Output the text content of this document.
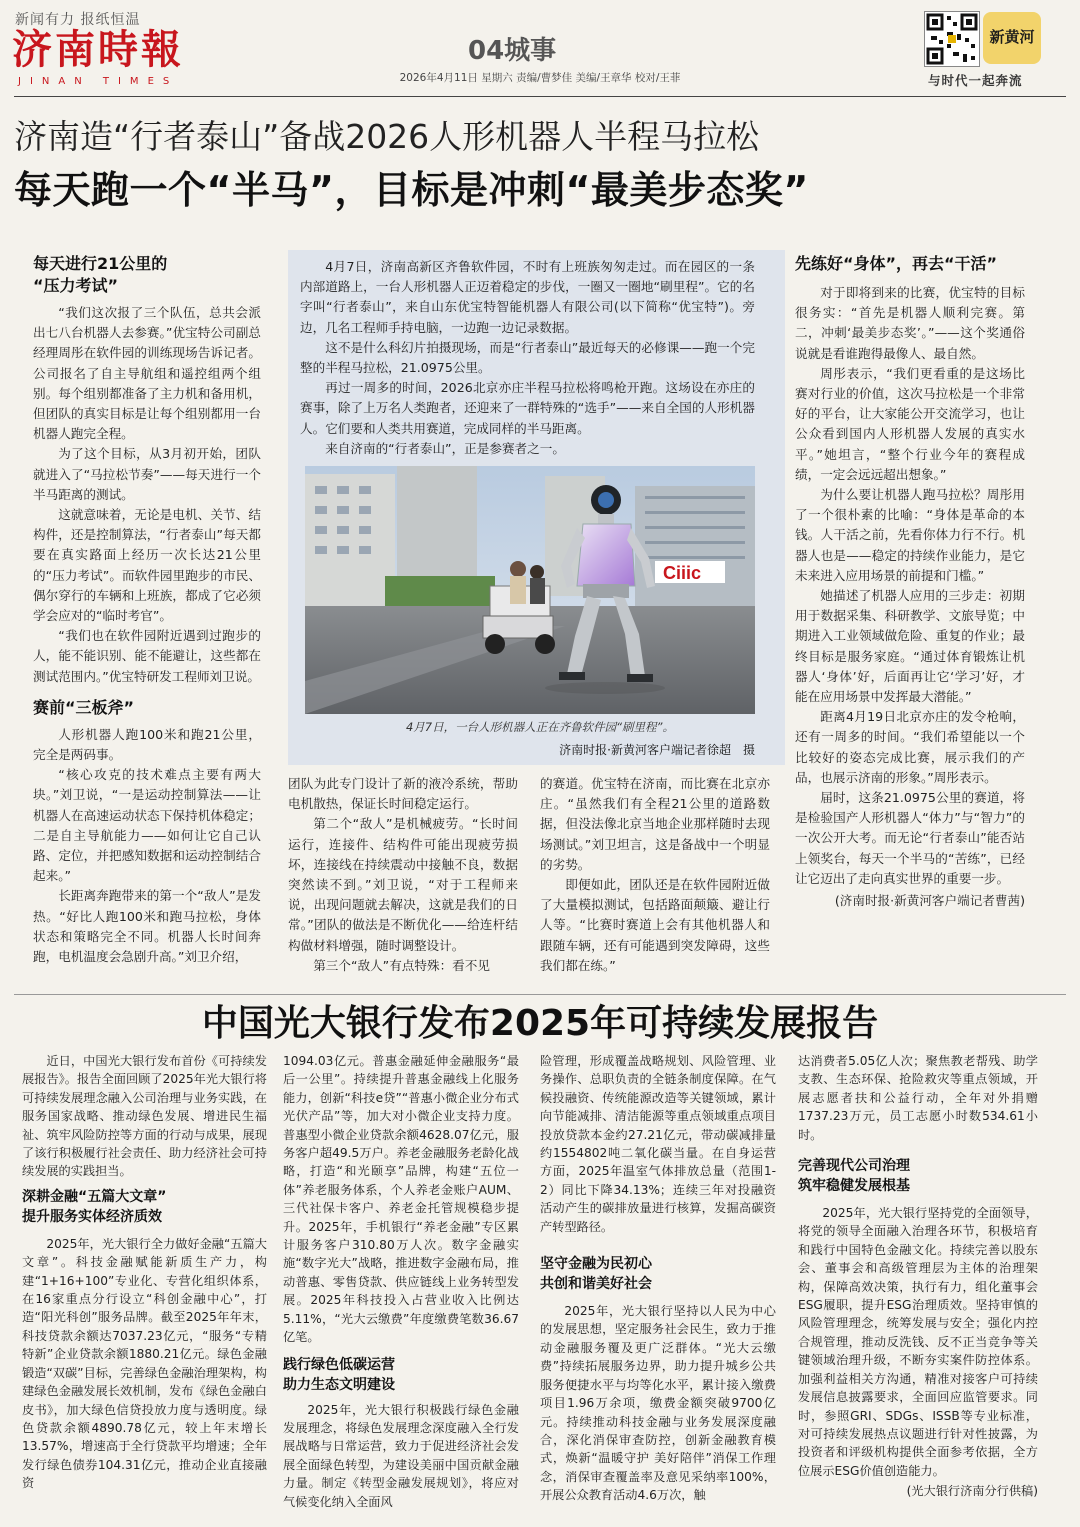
新闻有力 报纸恒温
济南時報
JINAN TIMES
04城事
2026年4月11日 星期六 责编/曹梦佳 美编/王章华 校对/王菲
新黄河
与时代一起奔流
济南造“行者泰山”备战2026人形机器人半程马拉松
每天跑一个“半马”，目标是冲刺“最美步态奖”
每天进行21公里的
“压力考试”

“我们这次报了三个队伍，总共会派出七八台机器人去参赛。”优宝特公司副总经理周彤在软件园的训练现场告诉记者。公司报名了自主导航组和遥控组两个组别。每个组别都准备了主力机和备用机，但团队的真实目标是让每个组别都用一台机器人跑完全程。

为了这个目标，从3月初开始，团队就进入了“马拉松节奏”——每天进行一个半马距离的测试。

这就意味着，无论是电机、关节、结构件，还是控制算法，“行者泰山”每天都要在真实路面上经历一次长达21公里的“压力考试”。而软件园里跑步的市民、偶尔穿行的车辆和上班族，都成了它必须学会应对的“临时考官”。

“我们也在软件园附近遇到过跑步的人，能不能识别、能不能避让，这些都在测试范围内。”优宝特研发工程师刘卫说。

赛前“三板斧”

人形机器人跑100米和跑21公里，完全是两码事。

“核心攻克的技术难点主要有两大块。”刘卫说，“一是运动控制算法——让机器人在高速运动状态下保持机体稳定；二是自主导航能力——如何让它自己认路、定位，并把感知数据和运动控制结合起来。”

长距离奔跑带来的第一个“敌人”是发热。“好比人跑100米和跑马拉松，身体状态和策略完全不同。机器人长时间奔跑，电机温度会急剧升高。”刘卫介绍，

4月7日，济南高新区齐鲁软件园，不时有上班族匆匆走过。而在园区的一条内部道路上，一台人形机器人正迈着稳定的步伐，一圈又一圈地“刷里程”。它的名字叫“行者泰山”，来自山东优宝特智能机器人有限公司(以下简称“优宝特”)。旁边，几名工程师手持电脑，一边跑一边记录数据。

这不是什么科幻片拍摄现场，而是“行者泰山”最近每天的必修课——跑一个完整的半程马拉松，21.0975公里。

再过一周多的时间，2026北京亦庄半程马拉松将鸣枪开跑。这场设在亦庄的赛事，除了上万名人类跑者，还迎来了一群特殊的“选手”——来自全国的人形机器人。它们要和人类共用赛道，完成同样的半马距离。

来自济南的“行者泰山”，正是参赛者之一。

Ciiic
4月7日，一台人形机器人正在齐鲁软件园“刷里程”。
济南时报·新黄河客户端记者徐超　摄

团队为此专门设计了新的液冷系统，帮助电机散热，保证长时间稳定运行。

第二个“敌人”是机械疲劳。“长时间运行，连接件、结构件可能出现疲劳损坏，连接线在持续震动中接触不良，数据突然读不到。”刘卫说，“对于工程师来说，出现问题就去解决，这就是我们的日常。”团队的做法是不断优化——给连杆结构做材料增强，随时调整设计。

第三个“敌人”有点特殊：看不见

的赛道。优宝特在济南，而比赛在北京亦庄。“虽然我们有全程21公里的道路数据，但没法像北京当地企业那样随时去现场测试。”刘卫坦言，这是备战中一个明显的劣势。

即便如此，团队还是在软件园附近做了大量模拟测试，包括路面颠簸、避让行人等。“比赛时赛道上会有其他机器人和跟随车辆，还有可能遇到突发障碍，这些我们都在练。”

先练好“身体”，再去“干活”

对于即将到来的比赛，优宝特的目标很务实：“首先是机器人顺利完赛。第二，冲刺‘最美步态奖’。”——这个奖通俗说就是看谁跑得最像人、最自然。

周彤表示，“我们更看重的是这场比赛对行业的价值，这次马拉松是一个非常好的平台，让大家能公开交流学习，也让公众看到国内人形机器人发展的真实水平。”她坦言，“整个行业今年的赛程成绩，一定会远远超出想象。”

为什么要让机器人跑马拉松？周彤用了一个很朴素的比喻：“身体是革命的本钱。人干活之前，先看你体力行不行。机器人也是——稳定的持续作业能力，是它未来进入应用场景的前提和门槛。”

她描述了机器人应用的三步走：初期用于数据采集、科研教学、文旅导览；中期进入工业领域做危险、重复的作业；最终目标是服务家庭。“通过体育锻炼让机器人‘身体’好，后面再让它‘学习’好，才能在应用场景中发挥最大潜能。”

距离4月19日北京亦庄的发令枪响，还有一周多的时间。“我们希望能以一个比较好的姿态完成比赛，展示我们的产品，也展示济南的形象。”周彤表示。

届时，这条21.0975公里的赛道，将是检验国产人形机器人“体力”与“智力”的一次公开大考。而无论“行者泰山”能否站上领奖台，每天一个半马的“苦练”，已经让它迈出了走向真实世界的重要一步。

(济南时报·新黄河客户端记者曹茜)
中国光大银行发布2025年可持续发展报告

近日，中国光大银行发布首份《可持续发展报告》。报告全面回顾了2025年光大银行将可持续发展理念融入公司治理与业务实践，在服务国家战略、推动绿色发展、增进民生福祉、筑牢风险防控等方面的行动与成果，展现了该行积极履行社会责任、助力经济社会可持续发展的实践担当。

深耕金融“五篇大文章”
提升服务实体经济质效

2025年，光大银行全力做好金融“五篇大文章”。科技金融赋能新质生产力，构建“1+16+100”专业化、专营化组织体系，在16家重点分行设立“科创金融中心”，打造“阳光科创”服务品牌。截至2025年年末，科技贷款余额达7037.23亿元，“服务“专精特新”企业贷款余额1880.21亿元。绿色金融锻造“双碳”目标，完善绿色金融治理架构，构建绿色金融发展长效机制，发布《绿色金融白皮书》，加大绿色信贷投放力度与透明度。绿色贷款余额4890.78亿元，较上年末增长13.57%，增速高于全行贷款平均增速；全年发行绿色债券104.31亿元，推动企业直接融资

1094.03亿元。普惠金融延伸金融服务“最后一公里”。持续提升普惠金融线上化服务能力，创新“科技e贷”“普惠小微企业分布式光伏产品”等，加大对小微企业支持力度。普惠型小微企业贷款余额4628.07亿元，服务客户超49.5万户。养老金融服务老龄化战略，打造“和光颐享”品牌，构建“五位一体”养老服务体系，个人养老金账户AUM、三代社保卡客户、养老金托管规模稳步提升。2025年，手机银行“养老金融”专区累计服务客户310.80万人次。数字金融实施“数字光大”战略，推进数字金融布局，推动普惠、零售贷款、供应链线上业务转型发展。2025年科技投入占营业收入比例达5.11%，“光大云缴费”年度缴费笔数36.67亿笔。

践行绿色低碳运营
助力生态文明建设

2025年，光大银行积极践行绿色金融发展理念，将绿色发展理念深度融入全行发展战略与日常运营，致力于促进经济社会发展全面绿色转型，为建设美丽中国贡献金融力量。制定《转型金融发展规划》，将应对气候变化纳入全面风

险管理，形成覆盖战略规划、风险管理、业务操作、总职负责的全链条制度保障。在气候投融资、传统能源改造等关键领域，累计向节能减排、清洁能源等重点领域重点项目投放贷款本金约27.21亿元，带动碳减排量约1554802吨二氧化碳当量。在自身运营方面，2025年温室气体排放总量（范围1-2）同比下降34.13%；连续三年对投融资活动产生的碳排放量进行核算，发掘高碳资产转型路径。

坚守金融为民初心
共创和谐美好社会

2025年，光大银行坚持以人民为中心的发展思想，坚定服务社会民生，致力于推动金融服务覆及更广泛群体。“光大云缴费”持续拓展服务边界，助力提升城乡公共服务便捷水平与均等化水平，累计接入缴费项目1.96万余项，缴费金额突破9700亿元。持续推动科技金融与业务发展深度融合，深化消保审查防控，创新金融教育模式，焕新“温暖守护 美好陪伴”消保工作理念，消保审查覆盖率及意见采纳率100%，开展公众教育活动4.6万次，触

达消费者5.05亿人次；聚焦教老帮残、助学支教、生态环保、抢险救灾等重点领域，开展志愿者扶和公益行动，全年对外捐赠1737.23万元，员工志愿小时数534.61小时。

完善现代公司治理
筑牢稳健发展根基

2025年，光大银行坚持党的全面领导，将党的领导全面融入治理各环节，积极培育和践行中国特色金融文化。持续完善以股东会、董事会和高级管理层为主体的治理架构，保障高效决策，执行有力，组化董事会ESG履职，提升ESG治理质效。坚持审慎的风险管理理念，统筹发展与安全；强化内控合规管理，推动反洗钱、反不正当竞争等关键领域治理升级，不断夯实案件防控体系。加强利益相关方沟通，精准对接客户可持续发展信息披露要求，全面回应监管要求。同时，参照GRI、SDGs、ISSB等专业标准，对可持续发展热点议题进行针对性披露，为投资者和评级机构提供全面参考依据，全方位展示ESG价值创造能力。

(光大银行济南分行供稿)
